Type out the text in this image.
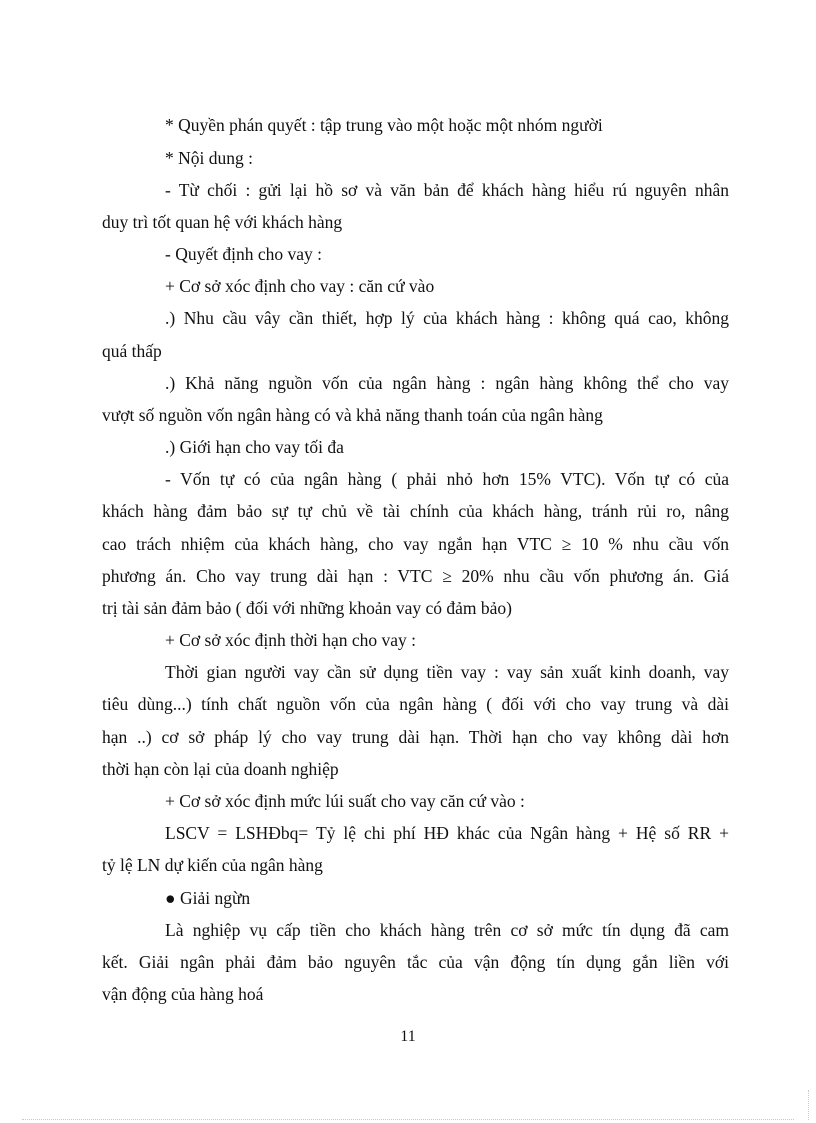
* Quyền phán quyết : tập trung vào một hoặc một nhóm người
* Nội dung :
- Từ chối : gửi lại hồ sơ và văn bản để khách hàng hiểu rú nguyên nhân
duy trì tốt quan hệ với khách hàng
- Quyết định cho vay :
+ Cơ sở xóc định cho vay : căn cứ vào
.) Nhu cầu vây cần thiết, hợp lý của khách hàng : không quá cao, không
quá thấp
.) Khả năng nguồn vốn của ngân hàng : ngân hàng không thể cho vay
vượt số nguồn vốn ngân hàng có và khả năng thanh toán của ngân hàng
.) Giới hạn cho vay tối đa
- Vốn tự có của ngân hàng ( phải nhỏ hơn 15% VTC). Vốn tự có của
khách hàng đảm bảo sự tự chủ về tài chính của khách hàng, tránh rủi ro, nâng
cao trách nhiệm của khách hàng, cho vay ngắn hạn VTC ≥ 10 % nhu cầu vốn
phương án. Cho vay trung dài hạn : VTC ≥ 20% nhu cầu vốn phương án. Giá
trị tài sản đảm bảo ( đối với những khoản vay có đảm bảo)
+ Cơ sở xóc định thời hạn cho vay :
Thời gian người vay cần sử dụng tiền vay : vay sản xuất kinh doanh, vay
tiêu dùng...) tính chất nguồn vốn của ngân hàng ( đối với cho vay trung và dài
hạn ..) cơ sở pháp lý cho vay trung dài hạn. Thời hạn cho vay không dài hơn
thời hạn còn lại của doanh nghiệp
+ Cơ sở xóc định mức lúi suất cho vay căn cứ vào :
LSCV = LSHĐbq= Tỷ lệ chi phí HĐ khác của Ngân hàng + Hệ số RR +
tỷ lệ LN dự kiến của ngân hàng
● Giải ngừn
Là nghiệp vụ cấp tiền cho khách hàng trên cơ sở mức tín dụng đã cam
kết. Giải ngân phải đảm bảo nguyên tắc của vận động tín dụng gắn liền với
vận động của hàng hoá
11
